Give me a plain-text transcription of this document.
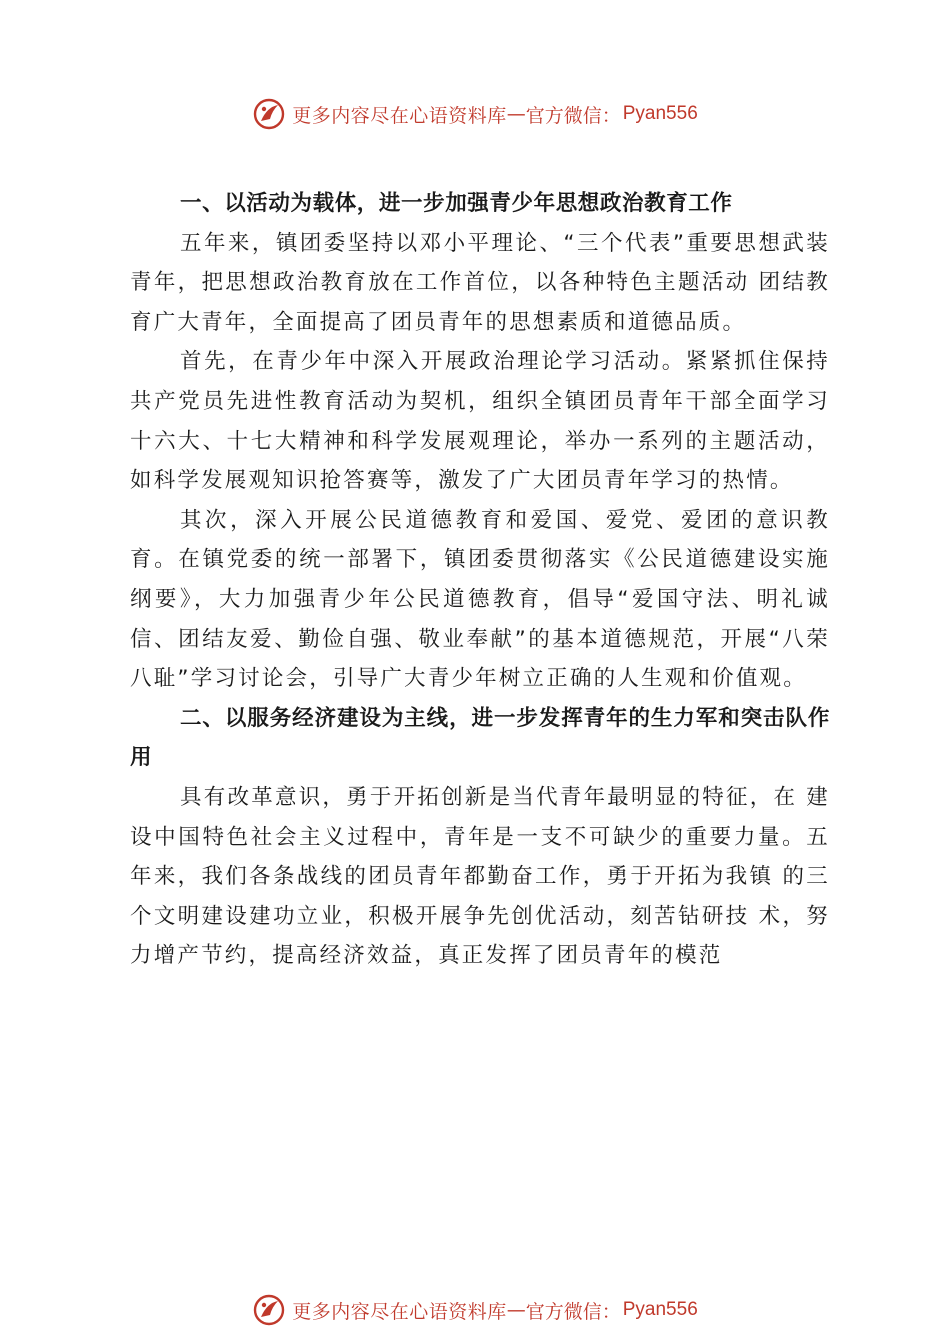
更多内容尽在心语资料库 — 官方微信： Pyan556

一、以活动为载体，进一步加强青少年思想政治教育工作

五年来，镇团委坚持以邓小平理论、“三个代表”重要思想武装青年，把思想政治教育放在工作首位，以各种特色主题活动 团结教育广大青年，全面提高了团员青年的思想素质和道德品质。

首先，在青少年中深入开展政治理论学习活动。紧紧抓住保持共产党员先进性教育活动为契机，组织全镇团员青年干部全面学习十六大、十七大精神和科学发展观理论，举办一系列的主题活动，如科学发展观知识抢答赛等，激发了广大团员青年学习的热情。

其次，深入开展公民道德教育和爱国、爱党、爱团的意识教育。在镇党委的统一部署下，镇团委贯彻落实《公民道德建设实施纲要》，大力加强青少年公民道德教育，倡导“爱国守法、明礼诚信、团结友爱、勤俭自强、敬业奉献”的基本道德规范，开展“八荣八耻”学习讨论会，引导广大青少年树立正确的人生观和价值观。

二、以服务经济建设为主线，进一步发挥青年的生力军和突击队作用

具有改革意识，勇于开拓创新是当代青年最明显的特征，在 建设中国特色社会主义过程中，青年是一支不可缺少的重要力量。五年来，我们各条战线的团员青年都勤奋工作，勇于开拓为我镇 的三个文明建设建功立业，积极开展争先创优活动，刻苦钻研技 术，努力增产节约，提高经济效益，真正发挥了团员青年的模范

更多内容尽在心语资料库 — 官方微信： Pyan556
